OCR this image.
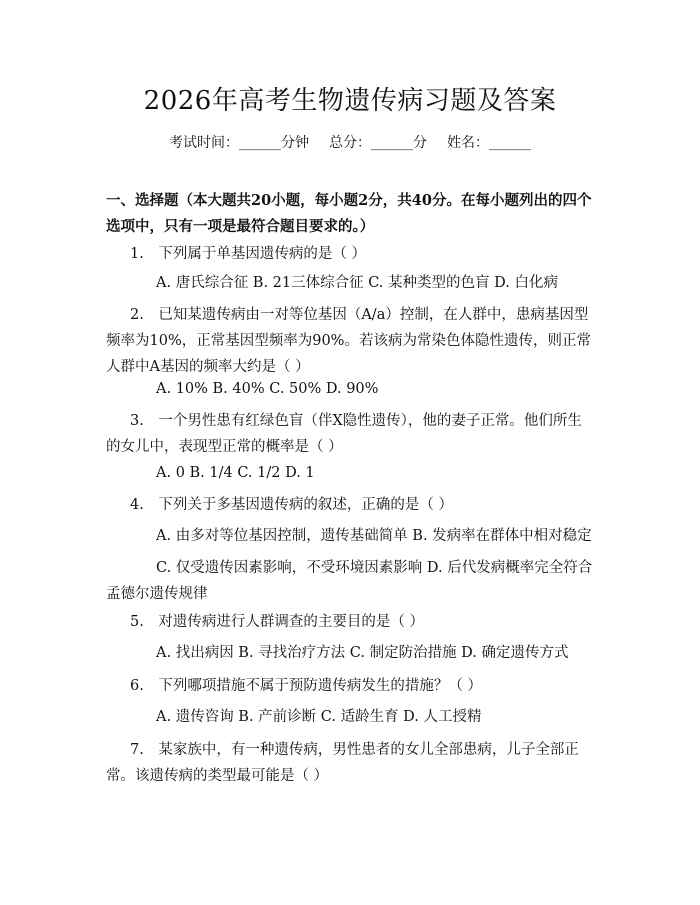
2026年高考生物遗传病习题及答案
考试时间：______分钟 总分：______分 姓名：______
一、选择题（本大题共20小题，每小题2分，共40分。在每小题列出的四个选项中，只有一项是最符合题目要求的。）
1.　下列属于单基因遗传病的是（ ）
A. 唐氏综合征 B. 21三体综合征 C. 某种类型的色盲 D. 白化病
2.　已知某遗传病由一对等位基因（A/a）控制，在人群中，患病基因型频率为10%，正常基因型频率为90%。若该病为常染色体隐性遗传，则正常人群中A基因的频率大约是（ ）
A. 10% B. 40% C. 50% D. 90%
3.　一个男性患有红绿色盲（伴X隐性遗传），他的妻子正常。他们所生的女儿中，表现型正常的概率是（ ）
A. 0 B. 1/4 C. 1/2 D. 1
4.　下列关于多基因遗传病的叙述，正确的是（ ）
A. 由多对等位基因控制，遗传基础简单 B. 发病率在群体中相对稳定
C. 仅受遗传因素影响，不受环境因素影响 D. 后代发病概率完全符合孟德尔遗传规律
5.　对遗传病进行人群调查的主要目的是（ ）
A. 找出病因 B. 寻找治疗方法 C. 制定防治措施 D. 确定遗传方式
6.　下列哪项措施不属于预防遗传病发生的措施？（ ）
A. 遗传咨询 B. 产前诊断 C. 适龄生育 D. 人工授精
7.　某家族中，有一种遗传病，男性患者的女儿全部患病，儿子全部正常。该遗传病的类型最可能是（ ）
